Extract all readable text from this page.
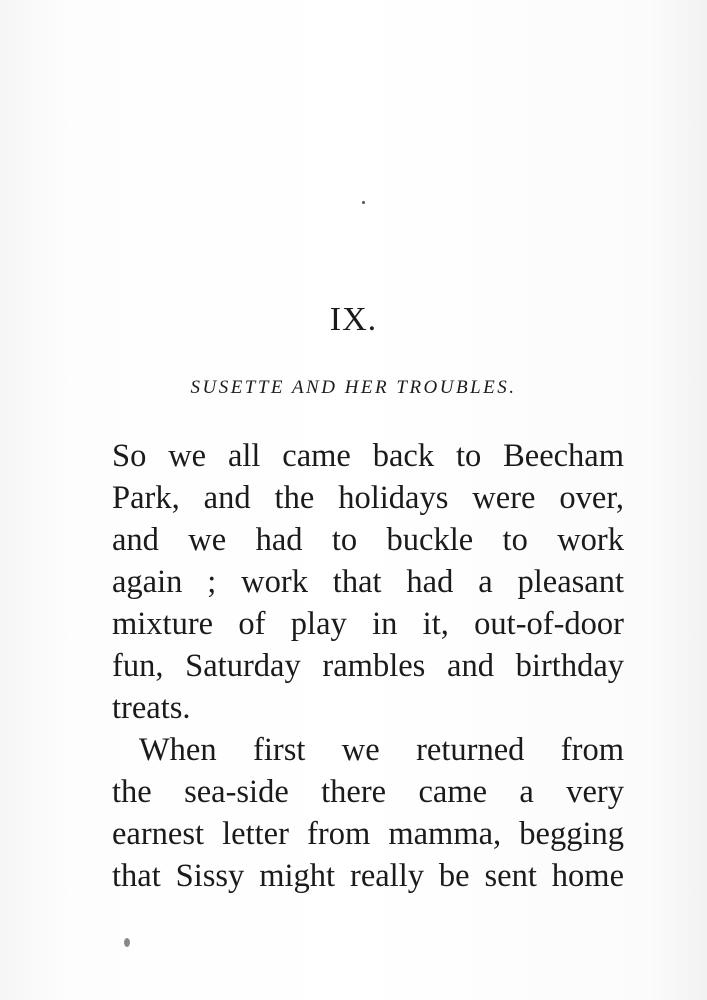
IX.
SUSETTE AND HER TROUBLES.

So we all came back to Beecham
Park, and the holidays were over,
and we had to buckle to work
again ; work that had a pleasant
mixture of play in it, out-of-door
fun, Saturday rambles and birthday
treats.

When first we returned from
the sea-side there came a very
earnest letter from mamma, begging
that Sissy might really be sent home
